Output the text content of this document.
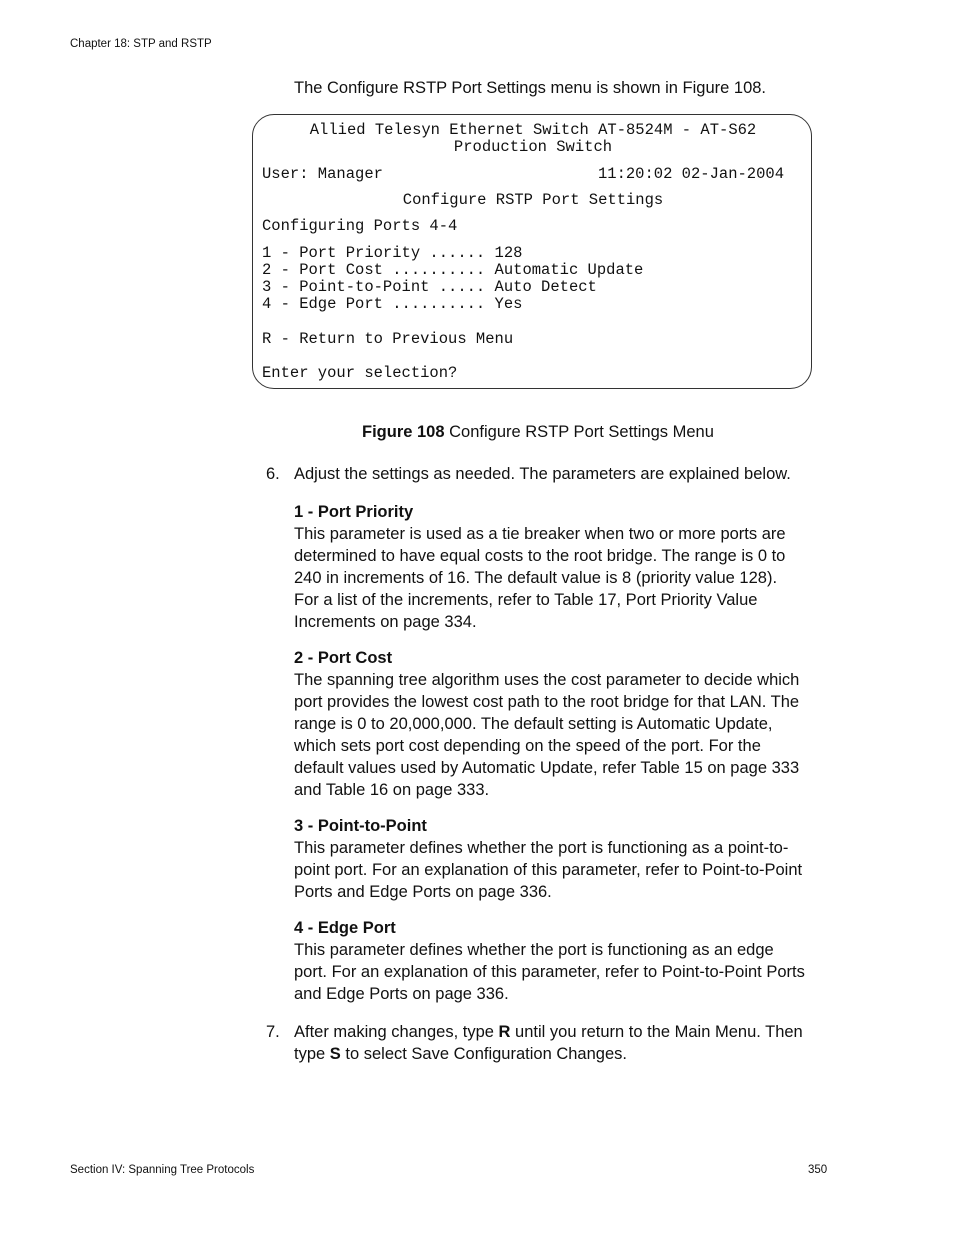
Chapter 18: STP and RSTP
The Configure RSTP Port Settings menu is shown in Figure 108.

Allied Telesyn Ethernet Switch AT-8524M - AT-S62

Production Switch

User: Manager

	11:20:02 02-Jan-2004

Configure RSTP Port Settings

Configuring Ports 4-4

1 - Port Priority ...... 128

2 - Port Cost .......... Automatic Update

3 - Point-to-Point ..... Auto Detect

4 - Edge Port .......... Yes

R - Return to Previous Menu

Enter your selection?

Figure 108 Configure RSTP Port Settings Menu
6. Adjust the settings as needed. The parameters are explained below.
1 - Port Priority
This parameter is used as a tie breaker when two or more ports are determined to have equal costs to the root bridge. The range is 0 to 240 in increments of 16. The default value is 8 (priority value 128). For a list of the increments, refer to Table 17, Port Priority Value Increments on page 334.
2 - Port Cost
The spanning tree algorithm uses the cost parameter to decide which port provides the lowest cost path to the root bridge for that LAN. The range is 0 to 20,000,000. The default setting is Automatic Update, which sets port cost depending on the speed of the port. For the default values used by Automatic Update, refer Table 15 on page 333 and Table 16 on page 333.
3 - Point-to-Point
This parameter defines whether the port is functioning as a point-to-point port. For an explanation of this parameter, refer to Point-to-Point Ports and Edge Ports on page 336.
4 - Edge Port
This parameter defines whether the port is functioning as an edge port. For an explanation of this parameter, refer to Point-to-Point Ports and Edge Ports on page 336.
7. After making changes, type R until you return to the Main Menu. Then type S to select Save Configuration Changes.
Section IV: Spanning Tree Protocols	350
